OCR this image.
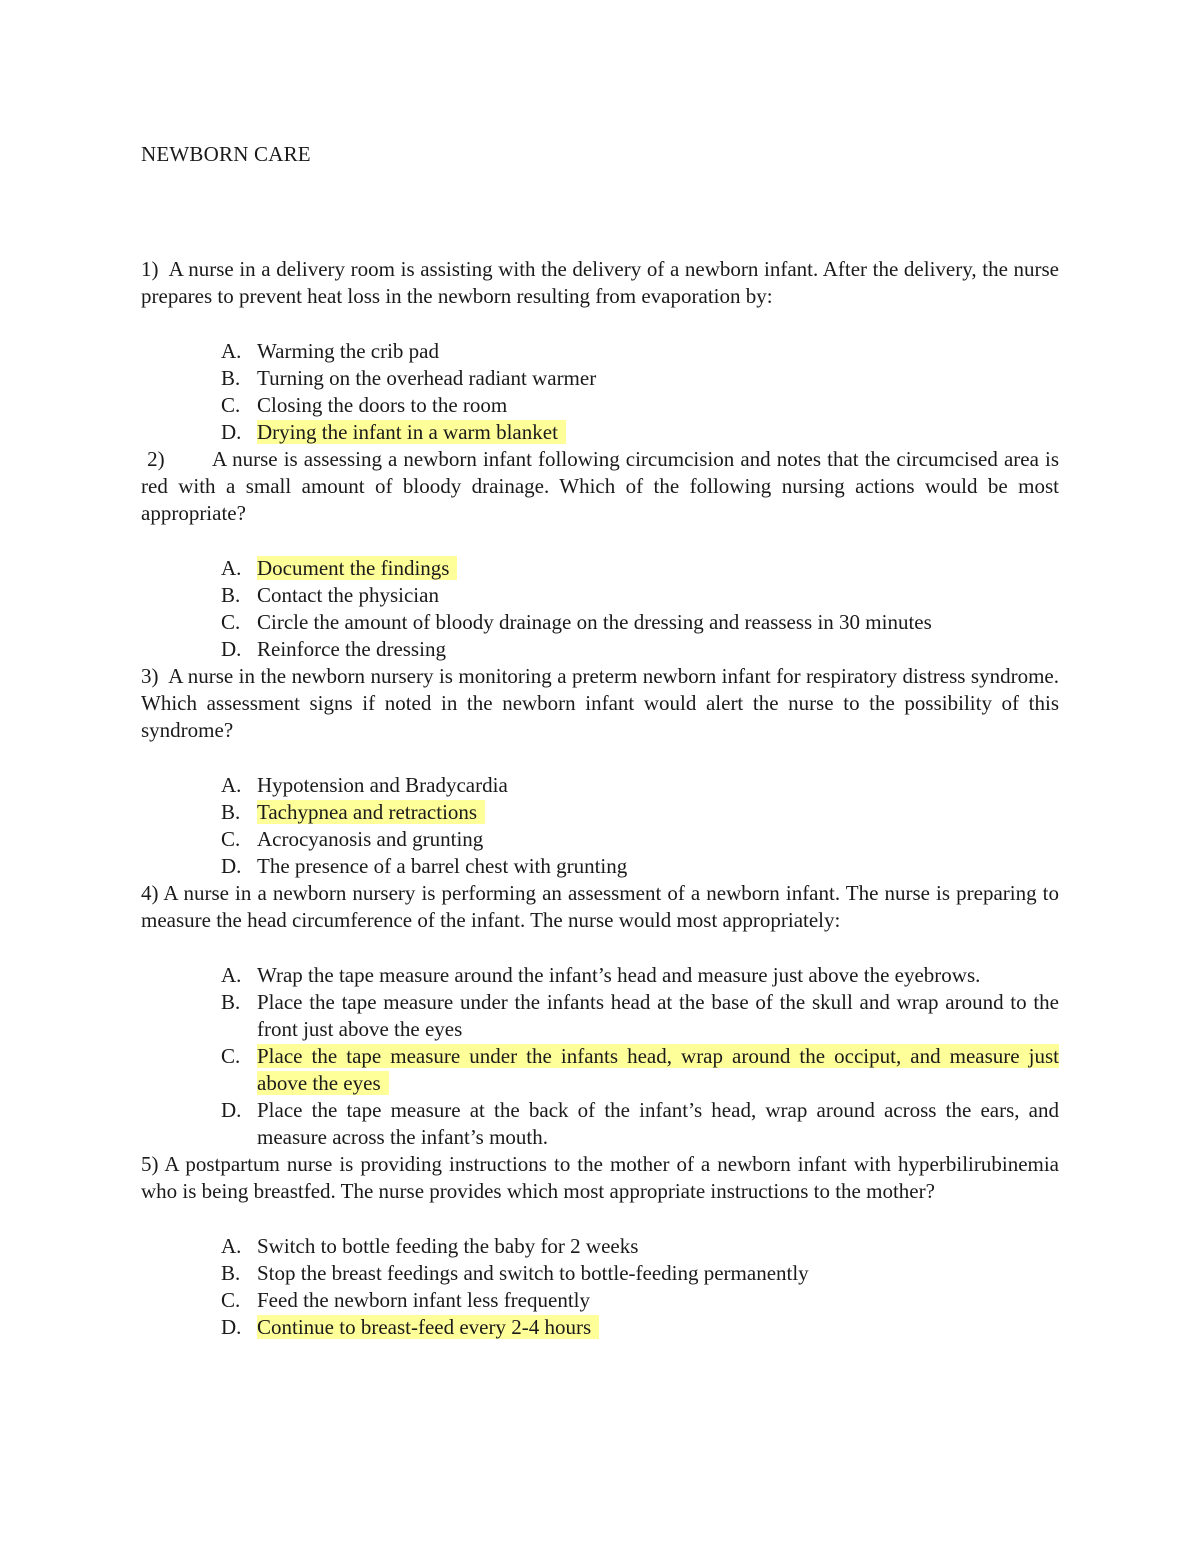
NEWBORN CARE

1) A nurse in a delivery room is assisting with the delivery of a newborn infant. After the delivery, the nurse prepares to prevent heat loss in the newborn resulting from evaporation by:

A. Warming the crib pad
B. Turning on the overhead radiant warmer
C. Closing the doors to the room
D. Drying the infant in a warm blanket

2) A nurse is assessing a newborn infant following circumcision and notes that the circumcised area is red with a small amount of bloody drainage. Which of the following nursing actions would be most appropriate?

A. Document the findings
B. Contact the physician
C. Circle the amount of bloody drainage on the dressing and reassess in 30 minutes
D. Reinforce the dressing

3) A nurse in the newborn nursery is monitoring a preterm newborn infant for respiratory distress syndrome. Which assessment signs if noted in the newborn infant would alert the nurse to the possibility of this syndrome?

A. Hypotension and Bradycardia
B. Tachypnea and retractions
C. Acrocyanosis and grunting
D. The presence of a barrel chest with grunting

4) A nurse in a newborn nursery is performing an assessment of a newborn infant. The nurse is preparing to measure the head circumference of the infant. The nurse would most appropriately:

A. Wrap the tape measure around the infant’s head and measure just above the eyebrows.
B. Place the tape measure under the infants head at the base of the skull and wrap around to the front just above the eyes
C. Place the tape measure under the infants head, wrap around the occiput, and measure just above the eyes
D. Place the tape measure at the back of the infant’s head, wrap around across the ears, and measure across the infant’s mouth.

5) A postpartum nurse is providing instructions to the mother of a newborn infant with hyperbilirubinemia who is being breastfed. The nurse provides which most appropriate instructions to the mother?

A. Switch to bottle feeding the baby for 2 weeks
B. Stop the breast feedings and switch to bottle-feeding permanently
C. Feed the newborn infant less frequently
D. Continue to breast-feed every 2-4 hours
